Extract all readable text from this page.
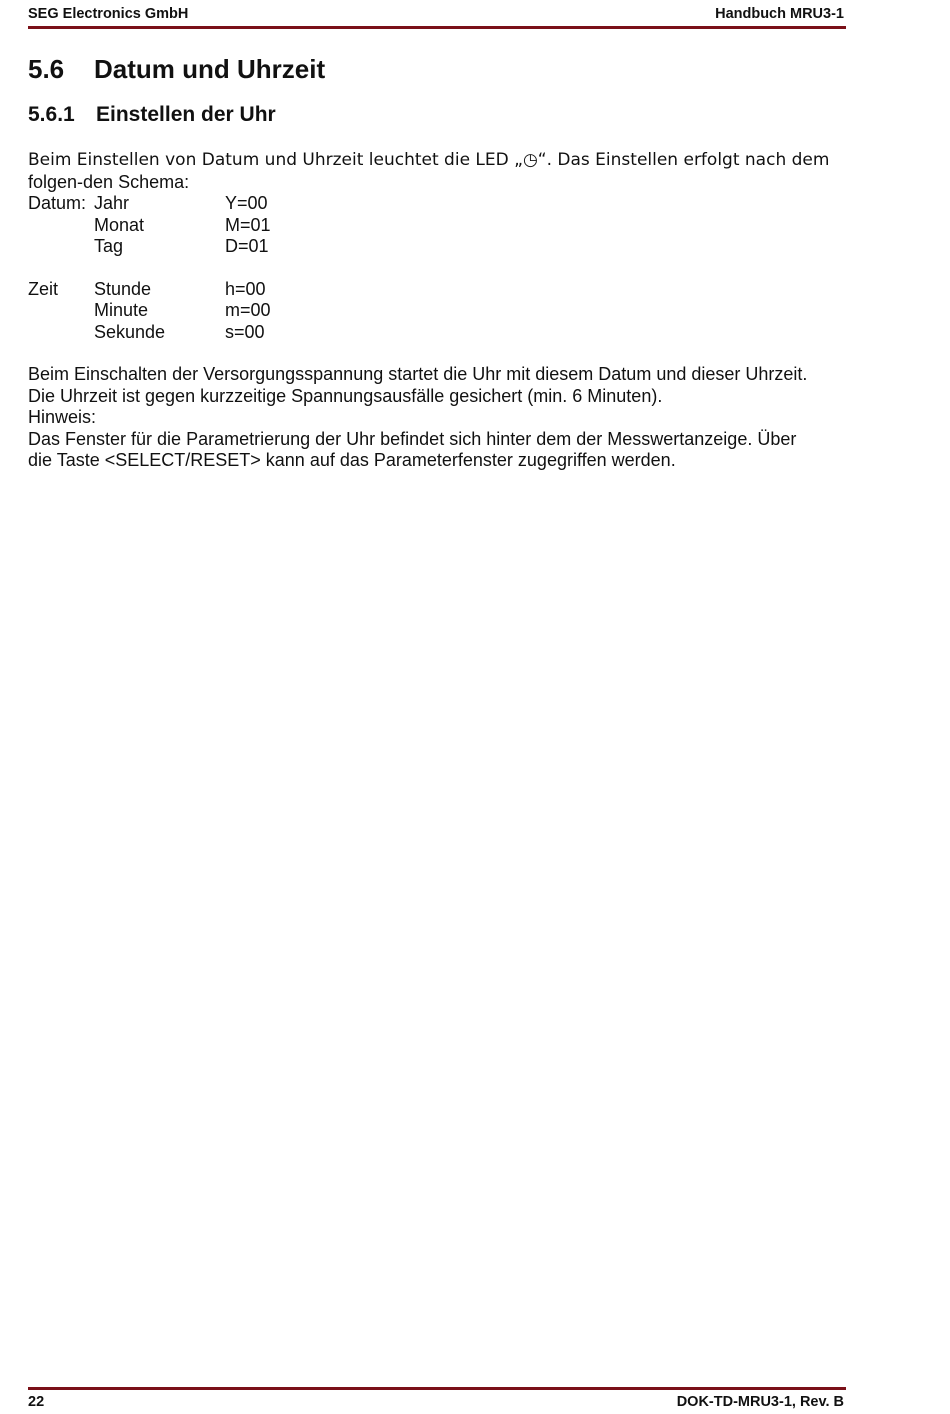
SEG Electronics GmbH	Handbuch MRU3-1
5.6 Datum und Uhrzeit
5.6.1 Einstellen der Uhr

Beim Einstellen von Datum und Uhrzeit leuchtet die LED „◷“. Das Einstellen erfolgt nach dem

folgen-den Schema:

Datum: Jahr	Y=00
Monat	M=01
Tag	D=01
Zeit Stunde	h=00
Minute	m=00
Sekunde	s=00

Beim Einschalten der Versorgungsspannung startet die Uhr mit diesem Datum und dieser Uhrzeit.

Die Uhrzeit ist gegen kurzzeitige Spannungsausfälle gesichert (min. 6 Minuten).

Hinweis:

Das Fenster für die Parametrierung der Uhr befindet sich hinter dem der Messwertanzeige. Über

die Taste <SELECT/RESET> kann auf das Parameterfenster zugegriffen werden.

22	DOK-TD-MRU3-1, Rev. B
